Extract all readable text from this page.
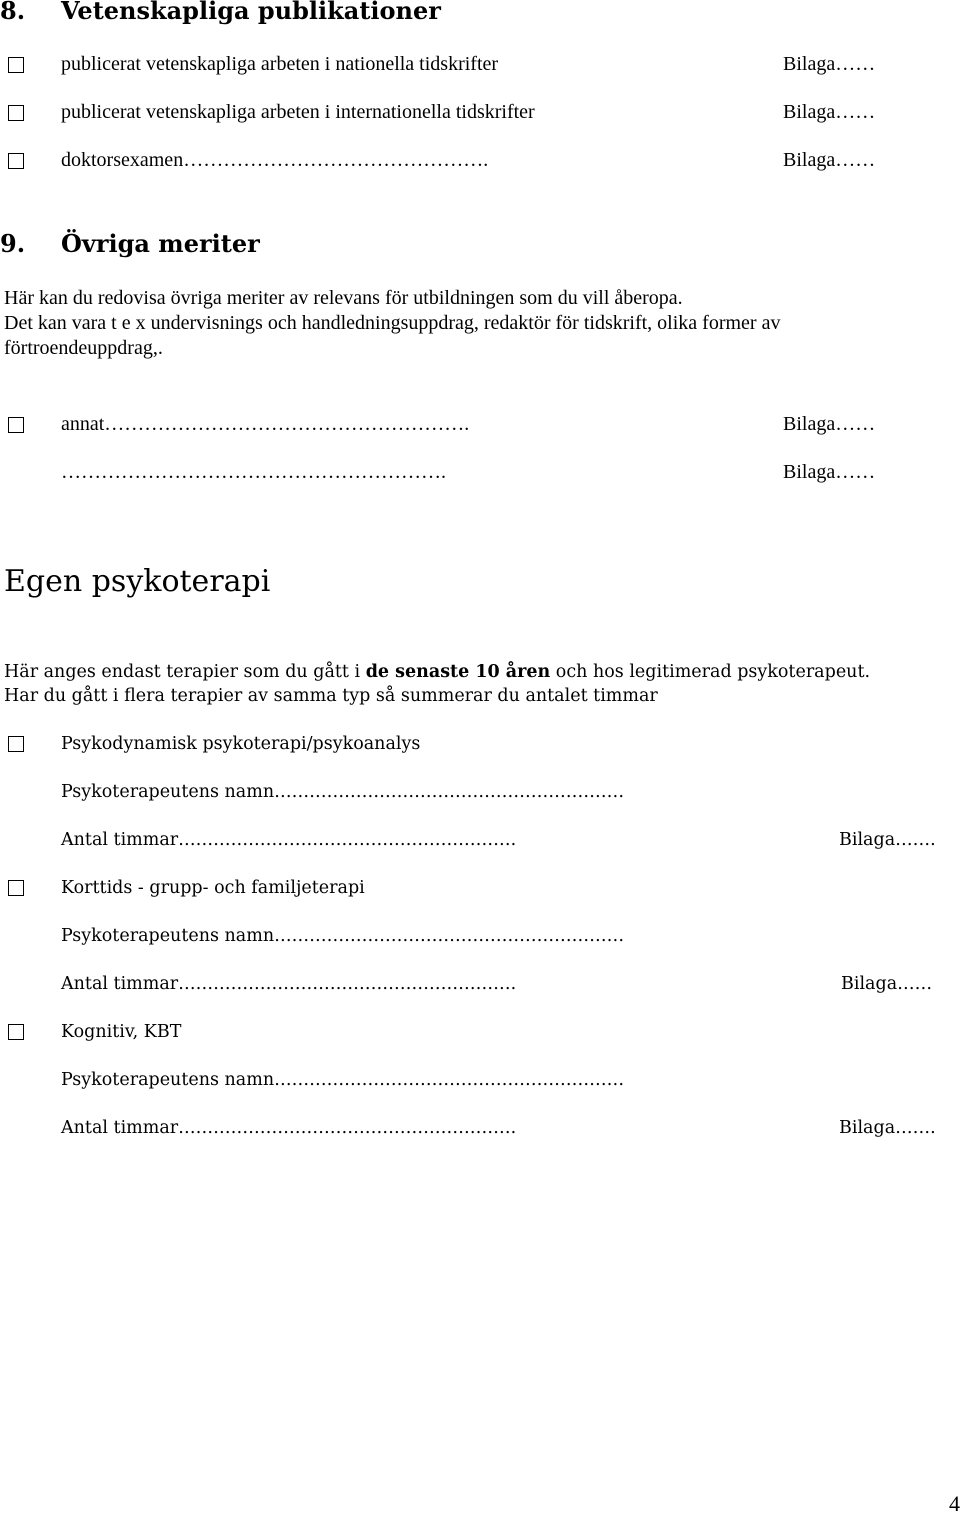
8. Vetenskapliga publikationer
publicerat vetenskapliga arbeten i nationella tidskrifter	Bilaga……
publicerat vetenskapliga arbeten i internationella tidskrifter	Bilaga……
doktorsexamen……………………………………….	Bilaga……
9. Övriga meriter
Här kan du redovisa övriga meriter av relevans för utbildningen som du vill åberopa.
Det kan vara t e x undervisnings och handledningsuppdrag, redaktör för tidskrift, olika former av
förtroendeuppdrag,.
annat……………………………………………….	Bilaga……
………………………………………………….	Bilaga……
Egen psykoterapi
Här anges endast terapier som du gått i de senaste 10 åren och hos legitimerad psykoterapeut.
Har du gått i flera terapier av samma typ så summerar du antalet timmar
Psykodynamisk psykoterapi/psykoanalys
Psykoterapeutens namn……………………………………………………
Antal timmar………………………………………………….	Bilaga…….
Korttids - grupp- och familjeterapi
Psykoterapeutens namn……………………………………………………
Antal timmar………………………………………………….	Bilaga……
Kognitiv, KBT
Psykoterapeutens namn……………………………………………………
Antal timmar………………………………………………….	Bilaga…….
4
